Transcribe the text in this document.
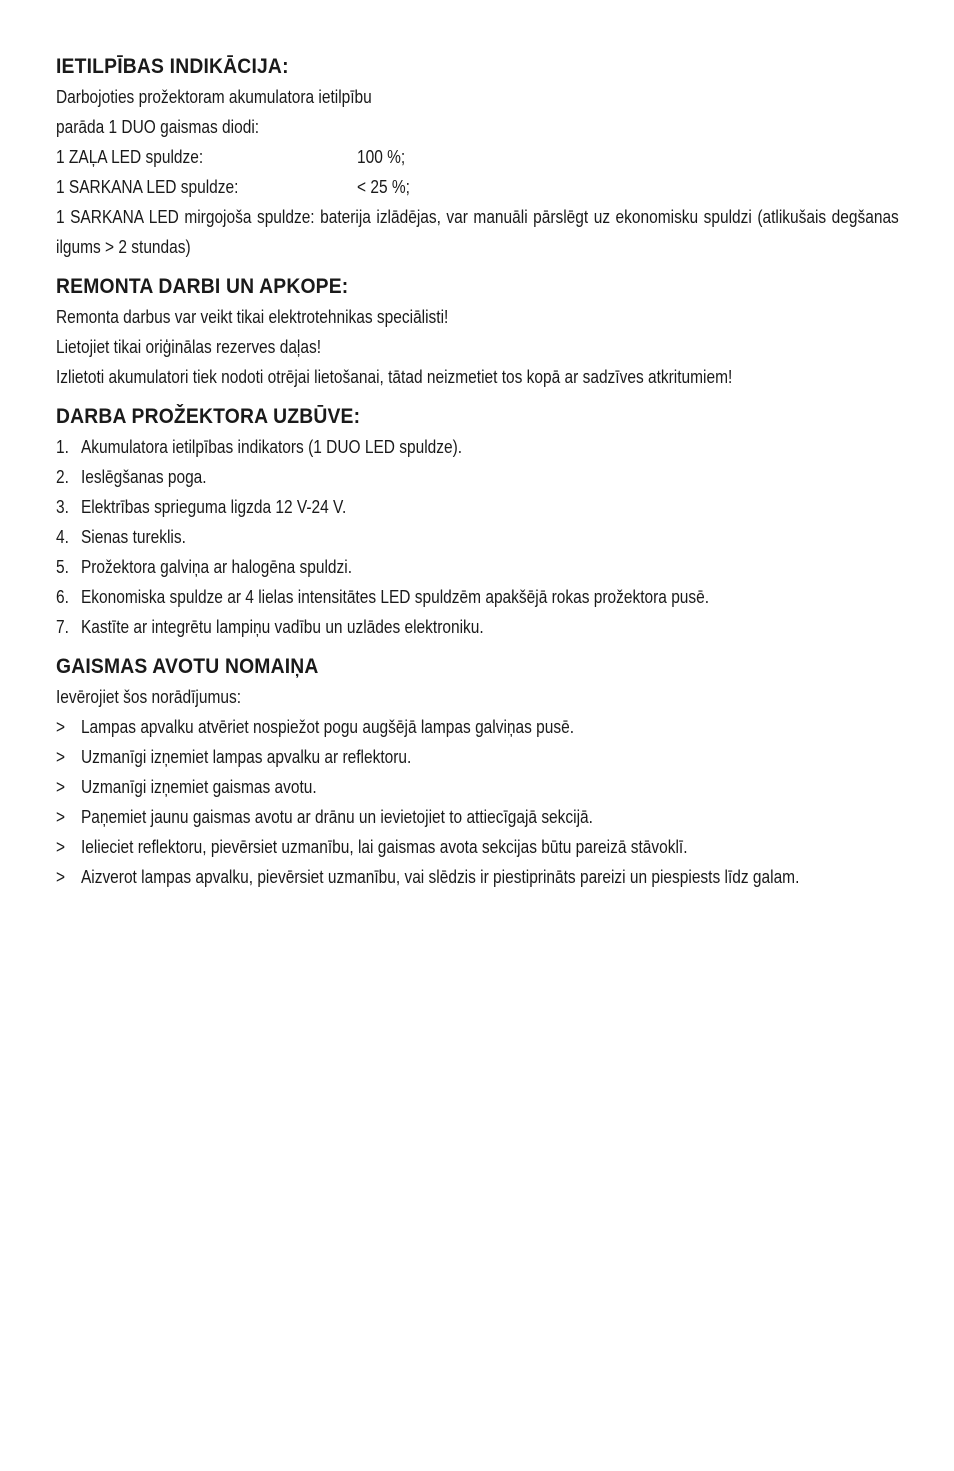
IETILPĪBAS INDIKĀCIJA:

Darbojoties prožektoram akumulatora ietilpību

parāda 1 DUO gaismas diodi:

1 ZAĻA LED spuldze:	100 %;
1 SARKANA LED spuldze:	< 25 %;

1 SARKANA LED mirgojoša spuldze: baterija izlādējas, var manuāli pārslēgt uz ekonomisku spuldzi (atlikušais degšanas ilgums > 2 stundas)

REMONTA DARBI UN APKOPE:

Remonta darbus var veikt tikai elektrotehnikas speciālisti!

Lietojiet tikai oriģinālas rezerves daļas!

Izlietoti akumulatori tiek nodoti otrējai lietošanai, tātad neizmetiet tos kopā ar sadzīves atkritumiem!

DARBA PROŽEKTORA UZBŪVE:
1. Akumulatora ietilpības indikators (1 DUO LED spuldze).
2. Ieslēgšanas poga.
3. Elektrības sprieguma ligzda 12 V-24 V.
4. Sienas tureklis.
5. Prožektora galviņa ar halogēna spuldzi.
6. Ekonomiska spuldze ar 4 lielas intensitātes LED spuldzēm apakšējā rokas prožektora pusē.
7. Kastīte ar integrētu lampiņu vadību un uzlādes elektroniku.
GAISMAS AVOTU NOMAIŅA

Ievērojiet šos norādījumus:

> Lampas apvalku atvēriet nospiežot pogu augšējā lampas galviņas pusē.
> Uzmanīgi izņemiet lampas apvalku ar reflektoru.
> Uzmanīgi izņemiet gaismas avotu.
> Paņemiet jaunu gaismas avotu ar drānu un ievietojiet to attiecīgajā sekcijā.
> Ielieciet reflektoru, pievērsiet uzmanību, lai gaismas avota sekcijas būtu pareizā stāvoklī.
> Aizverot lampas apvalku, pievērsiet uzmanību, vai slēdzis ir piestiprināts pareizi un piespiests līdz galam.
